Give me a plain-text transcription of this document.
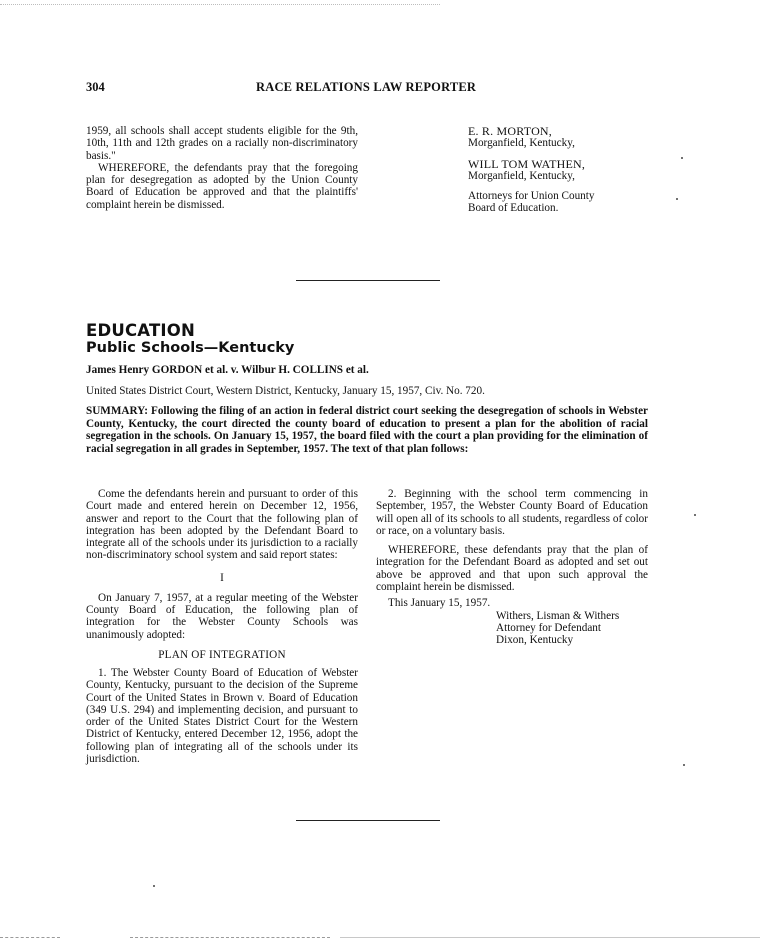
304	RACE RELATIONS LAW REPORTER

1959, all schools shall accept students eligible for the 9th, 10th, 11th and 12th grades on a racially non-discriminatory basis."

WHEREFORE, the defendants pray that the foregoing plan for desegregation as adopted by the Union County Board of Education be approved and that the plaintiffs' complaint herein be dismissed.

E. R. MORTON,
Morganfield, Kentucky,
WILL TOM WATHEN,
Morganfield, Kentucky,
Attorneys for Union County
Board of Education.
EDUCATION
Public Schools—Kentucky
James Henry GORDON et al. v. Wilbur H. COLLINS et al.
United States District Court, Western District, Kentucky, January 15, 1957, Civ. No. 720.
SUMMARY: Following the filing of an action in federal district court seeking the desegregation of schools in Webster County, Kentucky, the court directed the county board of education to present a plan for the abolition of racial segregation in the schools. On January 15, 1957, the board filed with the court a plan providing for the elimination of racial segregation in all grades in September, 1957. The text of that plan follows:

Come the defendants herein and pursuant to order of this Court made and entered herein on December 12, 1956, answer and report to the Court that the following plan of integration has been adopted by the Defendant Board to integrate all of the schools under its jurisdiction to a racially non-discriminatory school system and said report states:

I

On January 7, 1957, at a regular meeting of the Webster County Board of Education, the following plan of integration for the Webster County Schools was unanimously adopted:

PLAN OF INTEGRATION

1. The Webster County Board of Education of Webster County, Kentucky, pursuant to the decision of the Supreme Court of the United States in Brown v. Board of Education (349 U.S. 294) and implementing decision, and pursuant to order of the United States District Court for the Western District of Kentucky, entered December 12, 1956, adopt the following plan of integrating all of the schools under its jurisdiction.

2. Beginning with the school term commencing in September, 1957, the Webster County Board of Education will open all of its schools to all students, regardless of color or race, on a voluntary basis.

WHEREFORE, these defendants pray that the plan of integration for the Defendant Board as adopted and set out above be approved and that upon such approval the complaint herein be dismissed.

This January 15, 1957.
Withers, Lisman & Withers
Attorney for Defendant
Dixon, Kentucky
